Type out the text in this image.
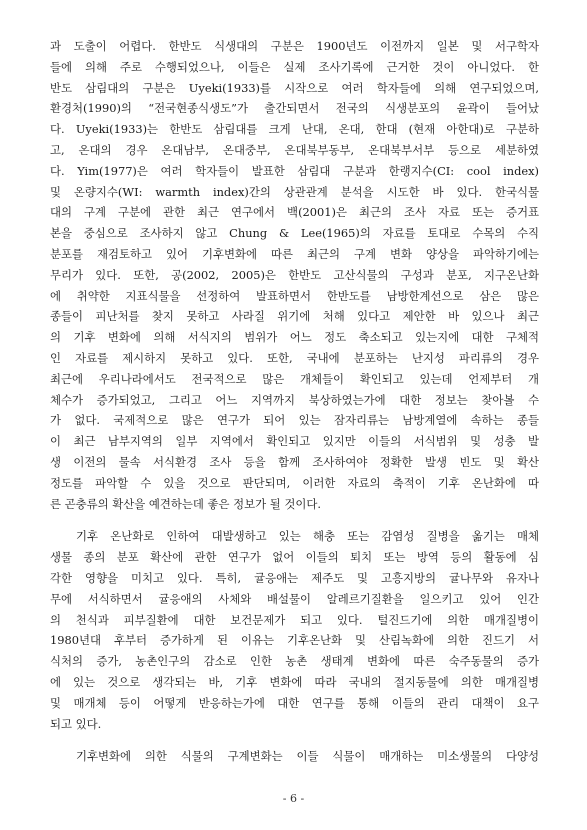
과 도출이 어렵다. 한반도 식생대의 구분은 1900년도 이전까지 일본 및 서구학자
들에 의해 주로 수행되었으나, 이들은 실제 조사기록에 근거한 것이 아니었다. 한
반도 삼림대의 구분은 Uyeki(1933)를 시작으로 여러 학자들에 의해 연구되었으며,
환경처(1990)의 “전국현종식생도”가 출간되면서 전국의 식생분포의 윤곽이 들어났
다. Uyeki(1933)는 한반도 삼림대를 크게 난대, 온대, 한대 (현재 아한대)로 구분하
고, 온대의 경우 온대남부, 온대중부, 온대북부동부, 온대북부서부 등으로 세분하였
다. Yim(1977)은 여러 학자들이 발표한 삼림대 구분과 한랭지수(CI: cool index)
및 온량지수(WI: warmth index)간의 상관관계 분석을 시도한 바 있다. 한국식물
대의 구계 구분에 관한 최근 연구에서 백(2001)은 최근의 조사 자료 또는 증거표
본을 중심으로 조사하지 않고 Chung & Lee(1965)의 자료를 토대로 수목의 수직
분포를 재검토하고 있어 기후변화에 따른 최근의 구계 변화 양상을 파악하기에는
무리가 있다. 또한, 공(2002, 2005)은 한반도 고산식물의 구성과 분포, 지구온난화
에 취약한 지표식물을 선정하여 발표하면서 한반도를 남방한계선으로 삼은 많은
종들이 피난처를 찾지 못하고 사라질 위기에 처해 있다고 제안한 바 있으나 최근
의 기후 변화에 의해 서식지의 범위가 어느 정도 축소되고 있는지에 대한 구체적
인 자료를 제시하지 못하고 있다. 또한, 국내에 분포하는 난지성 파리류의 경우
최근에 우리나라에서도 전국적으로 많은 개체들이 확인되고 있는데 언제부터 개
체수가 증가되었고, 그리고 어느 지역까지 북상하였는가에 대한 정보는 찾아볼 수
가 없다. 국제적으로 많은 연구가 되어 있는 잠자리류는 남방계열에 속하는 종들
이 최근 남부지역의 일부 지역에서 확인되고 있지만 이들의 서식범위 및 성충 발
생 이전의 물속 서식환경 조사 등을 함께 조사하여야 정확한 발생 빈도 및 확산
정도를 파악할 수 있을 것으로 판단되며, 이러한 자료의 축적이 기후 온난화에 따
른 곤충류의 확산을 예견하는데 좋은 정보가 될 것이다.
기후 온난화로 인하여 대발생하고 있는 해충 또는 감염성 질병을 옮기는 매체
생물 종의 분포 확산에 관한 연구가 없어 이들의 퇴치 또는 방역 등의 활동에 심
각한 영향을 미치고 있다. 특히, 귤응애는 제주도 및 고흥지방의 귤나무와 유자나
무에 서식하면서 귤응애의 사체와 배설물이 알레르기질환을 일으키고 있어 인간
의 천식과 피부질환에 대한 보건문제가 되고 있다. 털진드기에 의한 매개질병이
1980년대 후부터 증가하게 된 이유는 기후온난화 및 산림녹화에 의한 진드기 서
식처의 증가, 농촌인구의 감소로 인한 농촌 생태계 변화에 따른 숙주동물의 증가
에 있는 것으로 생각되는 바, 기후 변화에 따라 국내의 절지동물에 의한 매개질병
및 매개체 등이 어떻게 반응하는가에 대한 연구를 통해 이들의 관리 대책이 요구
되고 있다.
기후변화에 의한 식물의 구계변화는 이들 식물이 매개하는 미소생물의 다양성
- 6 -
